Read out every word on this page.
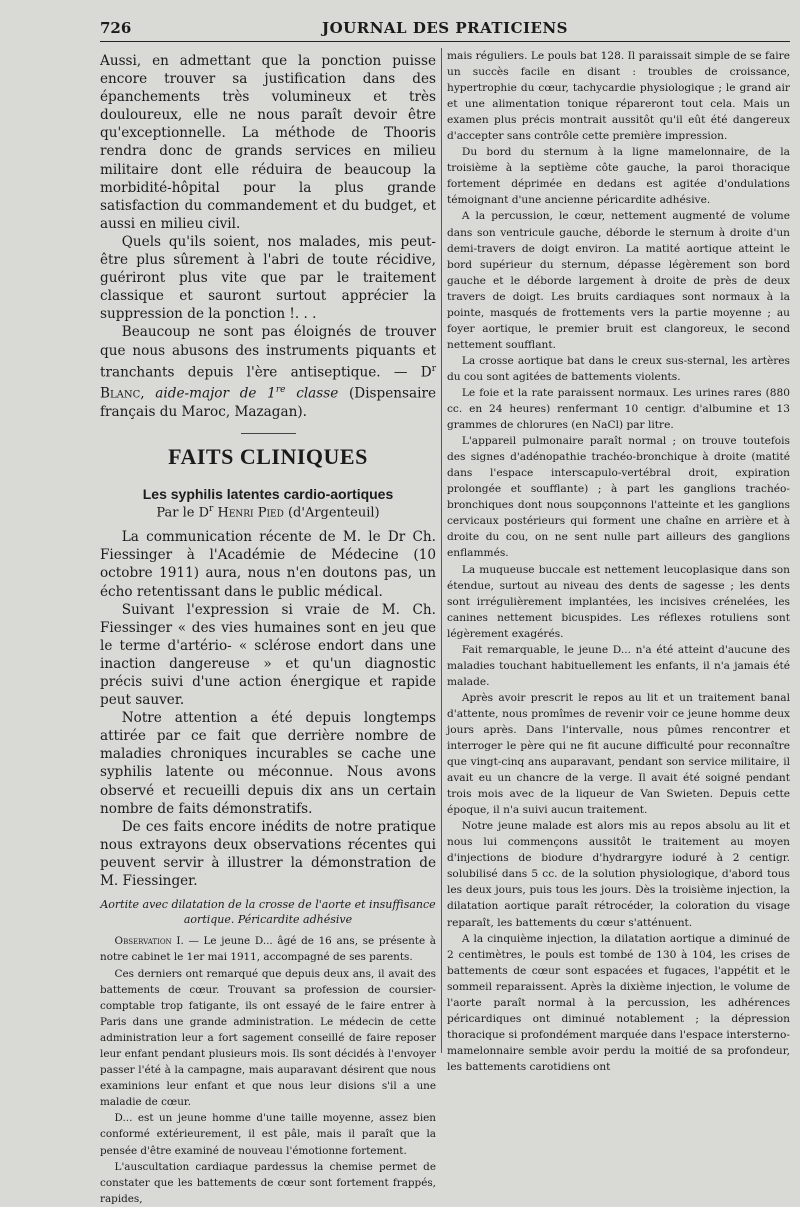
726	JOURNAL DES PRATICIENS

Aussi, en admettant que la ponction puisse encore trouver sa justification dans des épanchements très volumineux et très douloureux, elle ne nous paraît devoir être qu'exceptionnelle. La méthode de Thooris rendra donc de grands services en milieu militaire dont elle réduira de beaucoup la morbidité-hôpital pour la plus grande satisfaction du commandement et du budget, et aussi en milieu civil.

Quels qu'ils soient, nos malades, mis peut-être plus sûrement à l'abri de toute récidive, guériront plus vite que par le traitement classique et sauront surtout apprécier la suppression de la ponction !. . .

Beaucoup ne sont pas éloignés de trouver que nous abusons des instruments piquants et tranchants depuis l'ère antiseptique. — $D^r$ Blanc, aide-major de 1re classe (Dispensaire français du Maroc, Mazagan).

FAITS CLINIQUES
Les syphilis latentes cardio-aortiques
Par le $D^r$ Henri Pied (d'Argenteuil)

La communication récente de M. le Dr Ch. Fiessinger à l'Académie de Médecine (10 octobre 1911) aura, nous n'en doutons pas, un écho retentissant dans le public médical.

Suivant l'expression si vraie de M. Ch. Fiessinger « des vies humaines sont en jeu que le terme d'artério- « sclérose endort dans une inaction dangereuse » et qu'un diagnostic précis suivi d'une action énergique et rapide peut sauver.

Notre attention a été depuis longtemps attirée par ce fait que derrière nombre de maladies chroniques incurables se cache une syphilis latente ou méconnue. Nous avons observé et recueilli depuis dix ans un certain nombre de faits démonstratifs.

De ces faits encore inédits de notre pratique nous extrayons deux observations récentes qui peuvent servir à illustrer la démonstration de M. Fiessinger.

Aortite avec dilatation de la crosse de l'aorte et insuffisance aortique. Péricardite adhésive

Observation I. — Le jeune D... âgé de 16 ans, se présente à notre cabinet le 1er mai 1911, accompagné de ses parents.

Ces derniers ont remarqué que depuis deux ans, il avait des battements de cœur. Trouvant sa profession de coursier-comptable trop fatigante, ils ont essayé de le faire entrer à Paris dans une grande administration. Le médecin de cette administration leur a fort sagement conseillé de faire reposer leur enfant pendant plusieurs mois. Ils sont décidés à l'envoyer passer l'été à la campagne, mais auparavant désirent que nous examinions leur enfant et que nous leur disions s'il a une maladie de cœur.

D... est un jeune homme d'une taille moyenne, assez bien conformé extérieurement, il est pâle, mais il paraît que la pensée d'être examiné de nouveau l'émotionne fortement.

L'auscultation cardiaque pardessus la chemise permet de constater que les battements de cœur sont fortement frappés, rapides,

mais réguliers. Le pouls bat 128. Il paraissait simple de se faire un succès facile en disant : troubles de croissance, hypertrophie du cœur, tachycardie physiologique ; le grand air et une alimentation tonique répareront tout cela. Mais un examen plus précis montrait aussitôt qu'il eût été dangereux d'accepter sans contrôle cette première impression.

Du bord du sternum à la ligne mamelonnaire, de la troisième à la septième côte gauche, la paroi thoracique fortement déprimée en dedans est agitée d'ondulations témoignant d'une ancienne péricardite adhésive.

A la percussion, le cœur, nettement augmenté de volume dans son ventricule gauche, déborde le sternum à droite d'un demi-travers de doigt environ. La matité aortique atteint le bord supérieur du sternum, dépasse légèrement son bord gauche et le déborde largement à droite de près de deux travers de doigt. Les bruits cardiaques sont normaux à la pointe, masqués de frottements vers la partie moyenne ; au foyer aortique, le premier bruit est clangoreux, le second nettement soufflant.

La crosse aortique bat dans le creux sus-sternal, les artères du cou sont agitées de battements violents.

Le foie et la rate paraissent normaux. Les urines rares (880 cc. en 24 heures) renfermant 10 centigr. d'albumine et 13 grammes de chlorures (en NaCl) par litre.

L'appareil pulmonaire paraît normal ; on trouve toutefois des signes d'adénopathie trachéo-bronchique à droite (matité dans l'espace interscapulo-vertébral droit, expiration prolongée et soufflante) ; à part les ganglions trachéo-bronchiques dont nous soupçonnons l'atteinte et les ganglions cervicaux postérieurs qui forment une chaîne en arrière et à droite du cou, on ne sent nulle part ailleurs des ganglions enflammés.

La muqueuse buccale est nettement leucoplasique dans son étendue, surtout au niveau des dents de sagesse ; les dents sont irrégulièrement implantées, les incisives crénelées, les canines nettement bicuspides. Les réflexes rotuliens sont légèrement exagérés.

Fait remarquable, le jeune D... n'a été atteint d'aucune des maladies touchant habituellement les enfants, il n'a jamais été malade.

Après avoir prescrit le repos au lit et un traitement banal d'attente, nous promîmes de revenir voir ce jeune homme deux jours après. Dans l'intervalle, nous pûmes rencontrer et interroger le père qui ne fit aucune difficulté pour reconnaître que vingt-cinq ans auparavant, pendant son service militaire, il avait eu un chancre de la verge. Il avait été soigné pendant trois mois avec de la liqueur de Van Swieten. Depuis cette époque, il n'a suivi aucun traitement.

Notre jeune malade est alors mis au repos absolu au lit et nous lui commençons aussitôt le traitement au moyen d'injections de biodure d'hydrargyre ioduré à 2 centigr. solubilisé dans 5 cc. de la solution physiologique, d'abord tous les deux jours, puis tous les jours. Dès la troisième injection, la dilatation aortique paraît rétrocéder, la coloration du visage reparaît, les battements du cœur s'atténuent.

A la cinquième injection, la dilatation aortique a diminué de 2 centimètres, le pouls est tombé de 130 à 104, les crises de battements de cœur sont espacées et fugaces, l'appétit et le sommeil reparaissent. Après la dixième injection, le volume de l'aorte paraît normal à la percussion, les adhérences péricardiques ont diminué notablement ; la dépression thoracique si profondément marquée dans l'espace intersterno-mamelonnaire semble avoir perdu la moitié de sa profondeur, les battements carotidiens ont
